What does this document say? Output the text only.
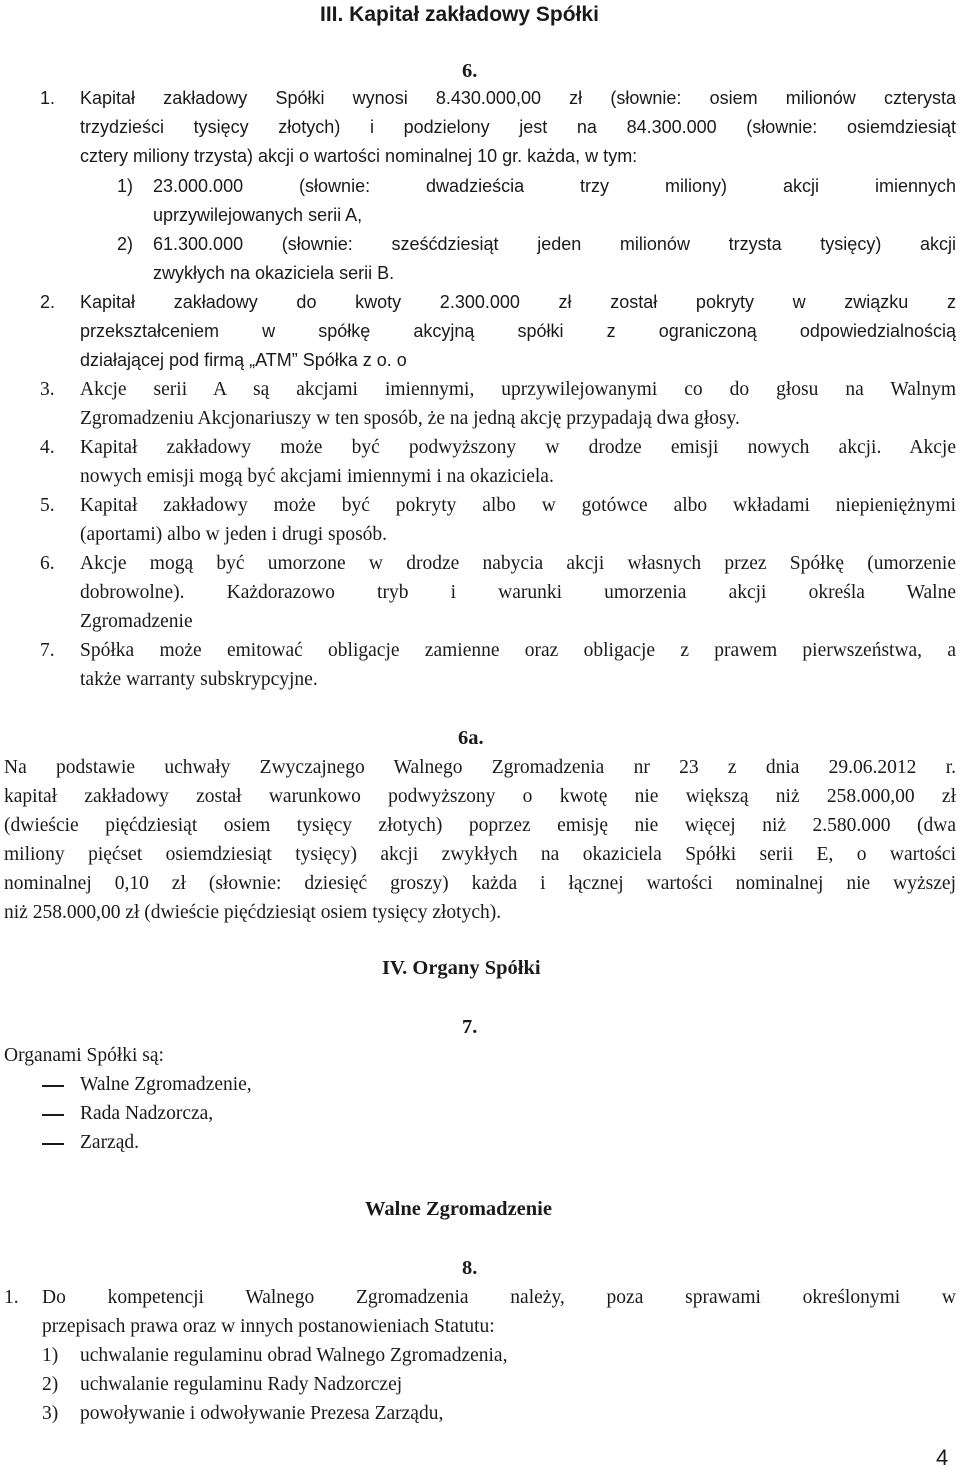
III. Kapitał zakładowy Spółki
6.
1. Kapitał zakładowy Spółki wynosi 8.430.000,00 zł (słownie: osiem milionów czterysta
trzydzieści tysięcy złotych) i podzielony jest na 84.300.000 (słownie: osiemdziesiąt
cztery miliony trzysta) akcji o wartości nominalnej 10 gr. każda, w tym:
1) 23.000.000 (słownie: dwadzieścia trzy miliony) akcji imiennych
uprzywilejowanych serii A,
2) 61.300.000 (słownie: sześćdziesiąt jeden milionów trzysta tysięcy) akcji
zwykłych na okaziciela serii B.
2. Kapitał zakładowy do kwoty 2.300.000 zł został pokryty w związku z
przekształceniem w spółkę akcyjną spółki z ograniczoną odpowiedzialnością
działającej pod firmą „ATM” Spółka z o. o
3. Akcje serii A są akcjami imiennymi, uprzywilejowanymi co do głosu na Walnym
Zgromadzeniu Akcjonariuszy w ten sposób, że na jedną akcję przypadają dwa głosy.
4. Kapitał zakładowy może być podwyższony w drodze emisji nowych akcji. Akcje
nowych emisji mogą być akcjami imiennymi i na okaziciela.
5. Kapitał zakładowy może być pokryty albo w gotówce albo wkładami niepieniężnymi
(aportami) albo w jeden i drugi sposób.
6. Akcje mogą być umorzone w drodze nabycia akcji własnych przez Spółkę (umorzenie
dobrowolne). Każdorazowo tryb i warunki umorzenia akcji określa Walne
Zgromadzenie
7. Spółka może emitować obligacje zamienne oraz obligacje z prawem pierwszeństwa, a
także warranty subskrypcyjne.
6a.
Na podstawie uchwały Zwyczajnego Walnego Zgromadzenia nr 23 z dnia 29.06.2012 r.
kapitał zakładowy został warunkowo podwyższony o kwotę nie większą niż 258.000,00 zł
(dwieście pięćdziesiąt osiem tysięcy złotych) poprzez emisję nie więcej niż 2.580.000 (dwa
miliony pięćset osiemdziesiąt tysięcy) akcji zwykłych na okaziciela Spółki serii E, o wartości
nominalnej 0,10 zł (słownie: dziesięć groszy) każda i łącznej wartości nominalnej nie wyższej
niż 258.000,00 zł (dwieście pięćdziesiąt osiem tysięcy złotych).
IV. Organy Spółki
7.
Organami Spółki są:
Walne Zgromadzenie,
Rada Nadzorcza,
Zarząd.
Walne Zgromadzenie
8.
1. Do kompetencji Walnego Zgromadzenia należy, poza sprawami określonymi w
przepisach prawa oraz w innych postanowieniach Statutu:
1) uchwalanie regulaminu obrad Walnego Zgromadzenia,
2) uchwalanie regulaminu Rady Nadzorczej
3) powoływanie i odwoływanie Prezesa Zarządu,
4
